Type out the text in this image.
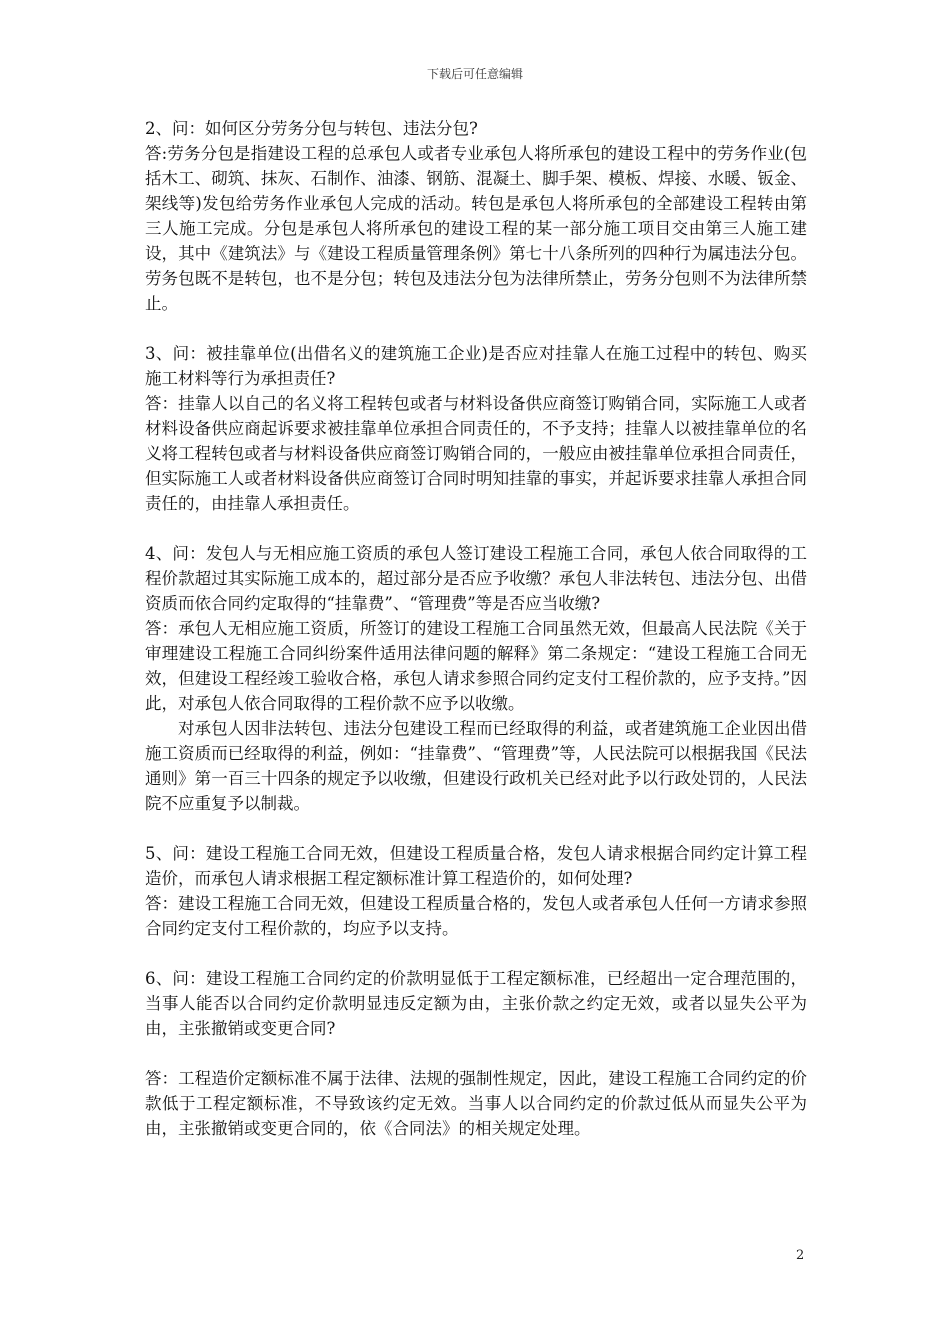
下载后可任意编辑

2、问：如何区分劳务分包与转包、违法分包?

答:劳务分包是指建设工程的总承包人或者专业承包人将所承包的建设工程中的劳务作业(包括木工、砌筑、抹灰、石制作、油漆、钢筋、混凝土、脚手架、模板、焊接、水暖、钣金、架线等)发包给劳务作业承包人完成的活动。转包是承包人将所承包的全部建设工程转由第三人施工完成。分包是承包人将所承包的建设工程的某一部分施工项目交由第三人施工建设，其中《建筑法》与《建设工程质量管理条例》第七十八条所列的四种行为属违法分包。劳务包既不是转包，也不是分包；转包及违法分包为法律所禁止，劳务分包则不为法律所禁止。

3、问：被挂靠单位(出借名义的建筑施工企业)是否应对挂靠人在施工过程中的转包、购买施工材料等行为承担责任?

答：挂靠人以自己的名义将工程转包或者与材料设备供应商签订购销合同，实际施工人或者材料设备供应商起诉要求被挂靠单位承担合同责任的，不予支持；挂靠人以被挂靠单位的名义将工程转包或者与材料设备供应商签订购销合同的，一般应由被挂靠单位承担合同责任，但实际施工人或者材料设备供应商签订合同时明知挂靠的事实，并起诉要求挂靠人承担合同责任的，由挂靠人承担责任。

4、问：发包人与无相应施工资质的承包人签订建设工程施工合同，承包人依合同取得的工程价款超过其实际施工成本的，超过部分是否应予收缴？承包人非法转包、违法分包、出借资质而依合同约定取得的“挂靠费”、“管理费”等是否应当收缴?

答：承包人无相应施工资质，所签订的建设工程施工合同虽然无效，但最高人民法院《关于审理建设工程施工合同纠纷案件适用法律问题的解释》第二条规定：“建设工程施工合同无效，但建设工程经竣工验收合格，承包人请求参照合同约定支付工程价款的，应予支持。”因此，对承包人依合同取得的工程价款不应予以收缴。

对承包人因非法转包、违法分包建设工程而已经取得的利益，或者建筑施工企业因出借施工资质而已经取得的利益，例如：“挂靠费”、“管理费”等，人民法院可以根据我国《民法通则》第一百三十四条的规定予以收缴，但建设行政机关已经对此予以行政处罚的，人民法院不应重复予以制裁。

5、问：建设工程施工合同无效，但建设工程质量合格，发包人请求根据合同约定计算工程造价，而承包人请求根据工程定额标准计算工程造价的，如何处理?

答：建设工程施工合同无效，但建设工程质量合格的，发包人或者承包人任何一方请求参照合同约定支付工程价款的，均应予以支持。

6、问：建设工程施工合同约定的价款明显低于工程定额标准，已经超出一定合理范围的，当事人能否以合同约定价款明显违反定额为由，主张价款之约定无效，或者以显失公平为由，主张撤销或变更合同?

答：工程造价定额标准不属于法律、法规的强制性规定，因此，建设工程施工合同约定的价款低于工程定额标准，不导致该约定无效。当事人以合同约定的价款过低从而显失公平为由，主张撤销或变更合同的，依《合同法》的相关规定处理。

2
